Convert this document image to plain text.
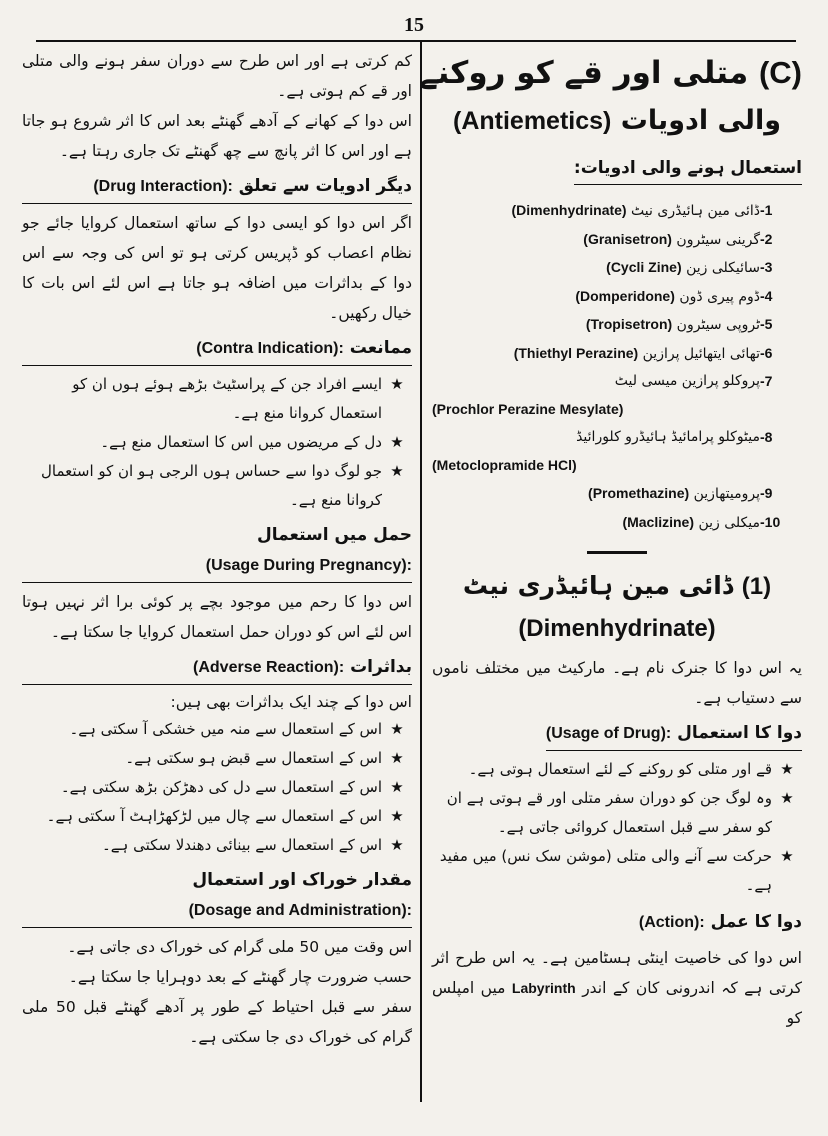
15
(C) متلی اور قے کو روکنے
والی ادویات (Antiemetics)
استعمال ہونے والی ادویات:
-1
ڈائی مین ہائیڈری نیٹ (Dimenhydrinate)
-2
گرینی سیٹرون (Granisetron)
-3
سائیکلی زین (Cycli Zine)
-4
ڈوم پیری ڈون (Domperidone)
-5
ٹروپی سیٹرون (Tropisetron)
-6
تھائی ایتھائیل پرازین (Thiethyl Perazine)
-7
پروکلو پرازین میسی لیٹ
(Prochlor Perazine Mesylate)
-8
میٹوکلو پرامائیڈ ہائیڈرو کلورائیڈ
(Metoclopramide HCl)
-9
پرومیتھازین (Promethazine)
-10
میکلی زین (Maclizine)
(1) ڈائی مین ہائیڈری نیٹ
(Dimenhydrinate)

یہ اس دوا کا جنرک نام ہے۔ مارکیٹ میں مختلف ناموں سے دستیاب ہے۔

دوا کا استعمال (Usage of Drug):
★
قے اور متلی کو روکنے کے لئے استعمال ہوتی ہے۔
★
وہ لوگ جن کو دوران سفر متلی اور قے ہوتی ہے ان کو سفر سے قبل استعمال کروائی جاتی ہے۔
★
حرکت سے آنے والی متلی (موشن سک نس) میں مفید ہے۔
دوا کا عمل (Action):

اس دوا کی خاصیت اینٹی ہسٹامین ہے۔ یہ اس طرح اثر کرتی ہے کہ اندرونی کان کے اندر Labyrinth میں امپلس کو

کم کرتی ہے اور اس طرح سے دوران سفر ہونے والی متلی اور قے کم ہوتی ہے۔

اس دوا کے کھانے کے آدھے گھنٹے بعد اس کا اثر شروع ہو جاتا ہے اور اس کا اثر پانچ سے چھ گھنٹے تک جاری رہتا ہے۔

دیگر ادویات سے تعلق (Drug Interaction):

اگر اس دوا کو ایسی دوا کے ساتھ استعمال کروایا جائے جو نظام اعصاب کو ڈپریس کرتی ہو تو اس کی وجہ سے اس دوا کے بداثرات میں اضافہ ہو جاتا ہے اس لئے اس بات کا خیال رکھیں۔

ممانعت (Contra Indication):
★
ایسے افراد جن کے پراسٹیٹ بڑھے ہوئے ہوں ان کو استعمال کروانا منع ہے۔
★
دل کے مریضوں میں اس کا استعمال منع ہے۔
★
جو لوگ دوا سے حساس ہوں الرجی ہو ان کو استعمال کروانا منع ہے۔
حمل میں استعمال
(Usage During Pregnancy):

اس دوا کا رحم میں موجود بچے پر کوئی برا اثر نہیں ہوتا اس لئے اس کو دوران حمل استعمال کروایا جا سکتا ہے۔

بداثرات (Adverse Reaction):

اس دوا کے چند ایک بداثرات بھی ہیں:

★
اس کے استعمال سے منہ میں خشکی آ سکتی ہے۔
★
اس کے استعمال سے قبض ہو سکتی ہے۔
★
اس کے استعمال سے دل کی دھڑکن بڑھ سکتی ہے۔
★
اس کے استعمال سے چال میں لڑکھڑاہٹ آ سکتی ہے۔
★
اس کے استعمال سے بینائی دھندلا سکتی ہے۔
مقدار خوراک اور استعمال
(Dosage and Administration):

اس وقت میں 50 ملی گرام کی خوراک دی جاتی ہے۔

حسب ضرورت چار گھنٹے کے بعد دوہرایا جا سکتا ہے۔

سفر سے قبل احتیاط کے طور پر آدھے گھنٹے قبل 50 ملی گرام کی خوراک دی جا سکتی ہے۔
